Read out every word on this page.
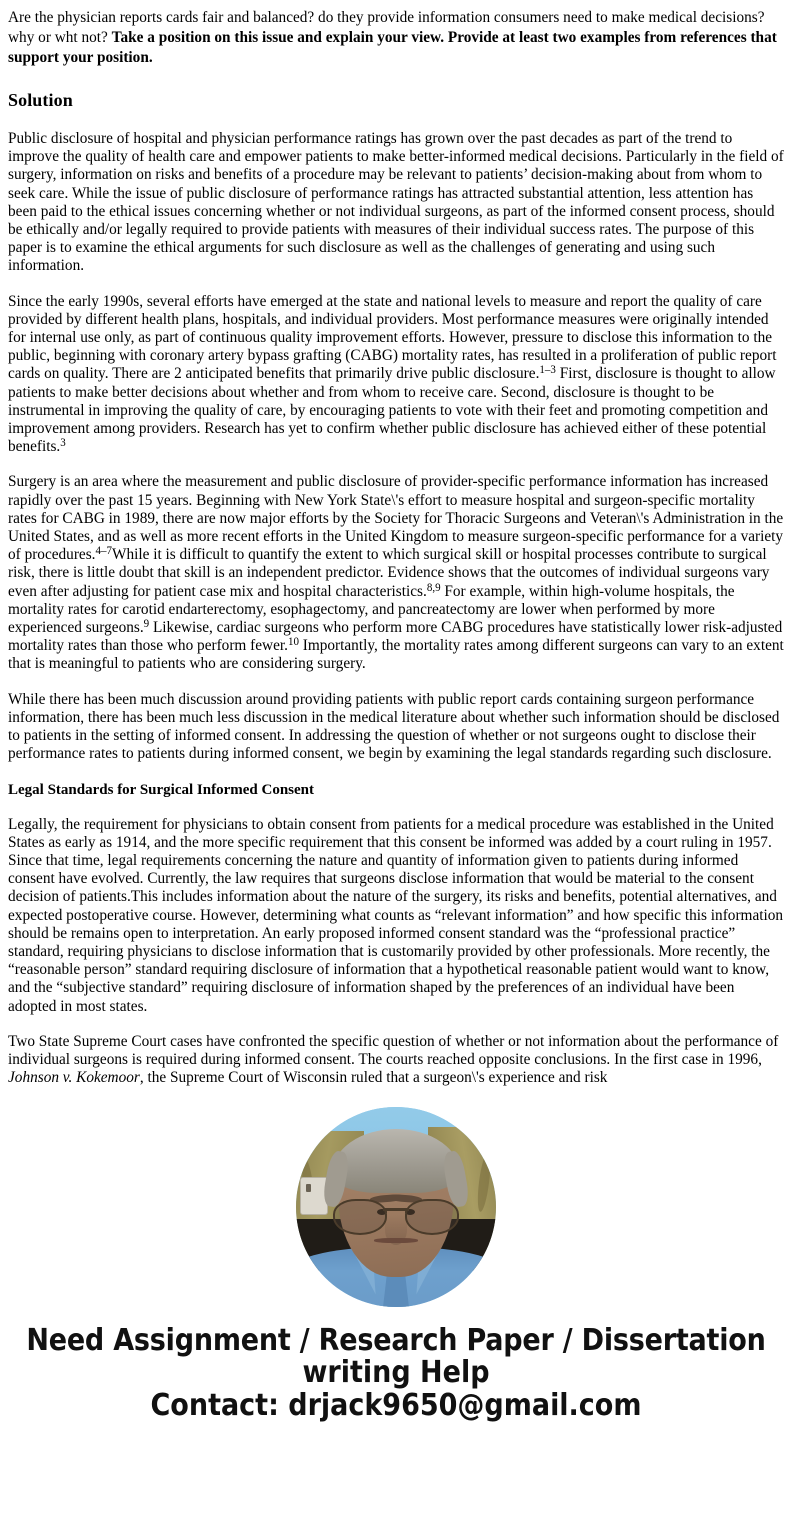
Are the physician reports cards fair and balanced? do they provide information consumers need to make medical decisions? why or wht not? Take a position on this issue and explain your view. Provide at least two examples from references that support your position.

Solution

Public disclosure of hospital and physician performance ratings has grown over the past decades as part of the trend to improve the quality of health care and empower patients to make better-informed medical decisions. Particularly in the field of surgery, information on risks and benefits of a procedure may be relevant to patients’ decision-making about from whom to seek care. While the issue of public disclosure of performance ratings has attracted substantial attention, less attention has been paid to the ethical issues concerning whether or not individual surgeons, as part of the informed consent process, should be ethically and/or legally required to provide patients with measures of their individual success rates. The purpose of this paper is to examine the ethical arguments for such disclosure as well as the challenges of generating and using such information.

Since the early 1990s, several efforts have emerged at the state and national levels to measure and report the quality of care provided by different health plans, hospitals, and individual providers. Most performance measures were originally intended for internal use only, as part of continuous quality improvement efforts. However, pressure to disclose this information to the public, beginning with coronary artery bypass grafting (CABG) mortality rates, has resulted in a proliferation of public report cards on quality. There are 2 anticipated benefits that primarily drive public disclosure.$^{1-3}$ First, disclosure is thought to allow patients to make better decisions about whether and from whom to receive care. Second, disclosure is thought to be instrumental in improving the quality of care, by encouraging patients to vote with their feet and promoting competition and improvement among providers. Research has yet to confirm whether public disclosure has achieved either of these potential benefits.$^3$

Surgery is an area where the measurement and public disclosure of provider-specific performance information has increased rapidly over the past 15 years. Beginning with New York State\'s effort to measure hospital and surgeon-specific mortality rates for CABG in 1989, there are now major efforts by the Society for Thoracic Surgeons and Veteran\'s Administration in the United States, and as well as more recent efforts in the United Kingdom to measure surgeon-specific performance for a variety of procedures.$^{4-7}$While it is difficult to quantify the extent to which surgical skill or hospital processes contribute to surgical risk, there is little doubt that skill is an independent predictor. Evidence shows that the outcomes of individual surgeons vary even after adjusting for patient case mix and hospital characteristics.$^{8,9}$ For example, within high-volume hospitals, the mortality rates for carotid endarterectomy, esophagectomy, and pancreatectomy are lower when performed by more experienced surgeons.$^9$ Likewise, cardiac surgeons who perform more CABG procedures have statistically lower risk-adjusted mortality rates than those who perform fewer.$^{10}$ Importantly, the mortality rates among different surgeons can vary to an extent that is meaningful to patients who are considering surgery.

While there has been much discussion around providing patients with public report cards containing surgeon performance information, there has been much less discussion in the medical literature about whether such information should be disclosed to patients in the setting of informed consent. In addressing the question of whether or not surgeons ought to disclose their performance rates to patients during informed consent, we begin by examining the legal standards regarding such disclosure.

Legal Standards for Surgical Informed Consent

Legally, the requirement for physicians to obtain consent from patients for a medical procedure was established in the United States as early as 1914, and the more specific requirement that this consent be informed was added by a court ruling in 1957. Since that time, legal requirements concerning the nature and quantity of information given to patients during informed consent have evolved. Currently, the law requires that surgeons disclose information that would be material to the consent decision of patients.This includes information about the nature of the surgery, its risks and benefits, potential alternatives, and expected postoperative course. However, determining what counts as “relevant information” and how specific this information should be remains open to interpretation. An early proposed informed consent standard was the “professional practice” standard, requiring physicians to disclose information that is customarily provided by other professionals. More recently, the “reasonable person” standard requiring disclosure of information that a hypothetical reasonable patient would want to know, and the “subjective standard” requiring disclosure of information shaped by the preferences of an individual have been adopted in most states.

Two State Supreme Court cases have confronted the specific question of whether or not information about the performance of individual surgeons is required during informed consent. The courts reached opposite conclusions. In the first case in 1996, Johnson v. Kokemoor, the Supreme Court of Wisconsin ruled that a surgeon\'s experience and risk

Need Assignment / Research Paper / Dissertation
writing Help
Contact: drjack9650@gmail.com
